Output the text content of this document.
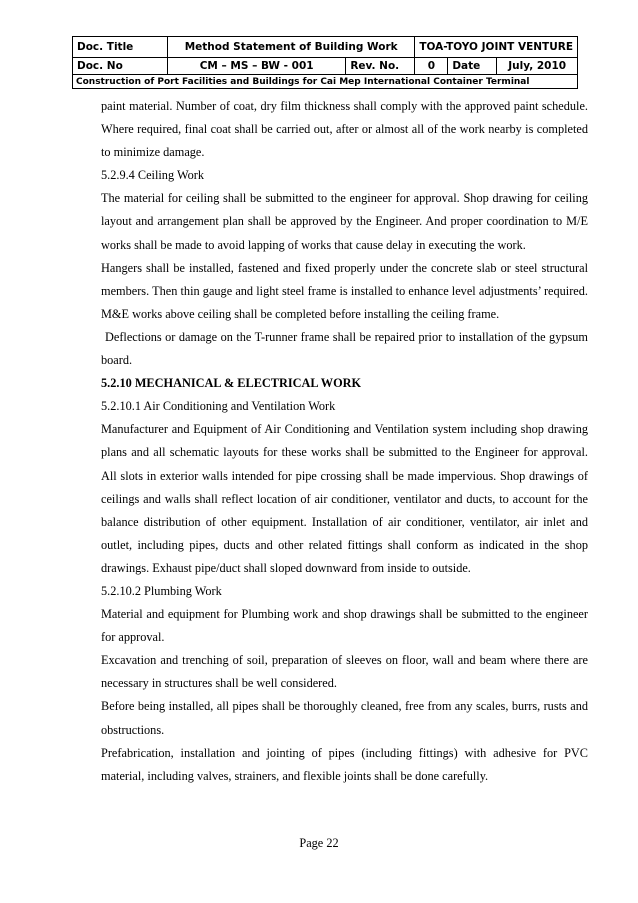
Doc. Title	Method Statement of Building Work		TOA-TOYO JOINT VENTURE		
Doc. No	CM – MS – BW - 001	Rev. No.	0	Date	July, 2010
Construction of Port Facilities and Buildings for Cai Mep International Container Terminal					
paint material. Number of coat, dry film thickness shall comply with the approved paint schedule. Where required, final coat shall be carried out, after or almost all of the work nearby is completed to minimize damage.
5.2.9.4 Ceiling Work
The material for ceiling shall be submitted to the engineer for approval. Shop drawing for ceiling layout and arrangement plan shall be approved by the Engineer. And proper coordination to M/E works shall be made to avoid lapping of works that cause delay in executing the work.
Hangers shall be installed, fastened and fixed properly under the concrete slab or steel structural members. Then thin gauge and light steel frame is installed to enhance level adjustments’ required. M&E works above ceiling shall be completed before installing the ceiling frame.
Deflections or damage on the T-runner frame shall be repaired prior to installation of the gypsum board.
5.2.10 MECHANICAL & ELECTRICAL WORK
5.2.10.1 Air Conditioning and Ventilation Work
Manufacturer and Equipment of Air Conditioning and Ventilation system including shop drawing plans and all schematic layouts for these works shall be submitted to the Engineer for approval. All slots in exterior walls intended for pipe crossing shall be made impervious. Shop drawings of ceilings and walls shall reflect location of air conditioner, ventilator and ducts, to account for the balance distribution of other equipment. Installation of air conditioner, ventilator, air inlet and outlet, including pipes, ducts and other related fittings shall conform as indicated in the shop drawings. Exhaust pipe/duct shall sloped downward from inside to outside.
5.2.10.2 Plumbing Work
Material and equipment for Plumbing work and shop drawings shall be submitted to the engineer for approval.
Excavation and trenching of soil, preparation of sleeves on floor, wall and beam where there are necessary in structures shall be well considered.
Before being installed, all pipes shall be thoroughly cleaned, free from any scales, burrs, rusts and obstructions.
Prefabrication, installation and jointing of pipes (including fittings) with adhesive for PVC material, including valves, strainers, and flexible joints shall be done carefully.
Page 22
